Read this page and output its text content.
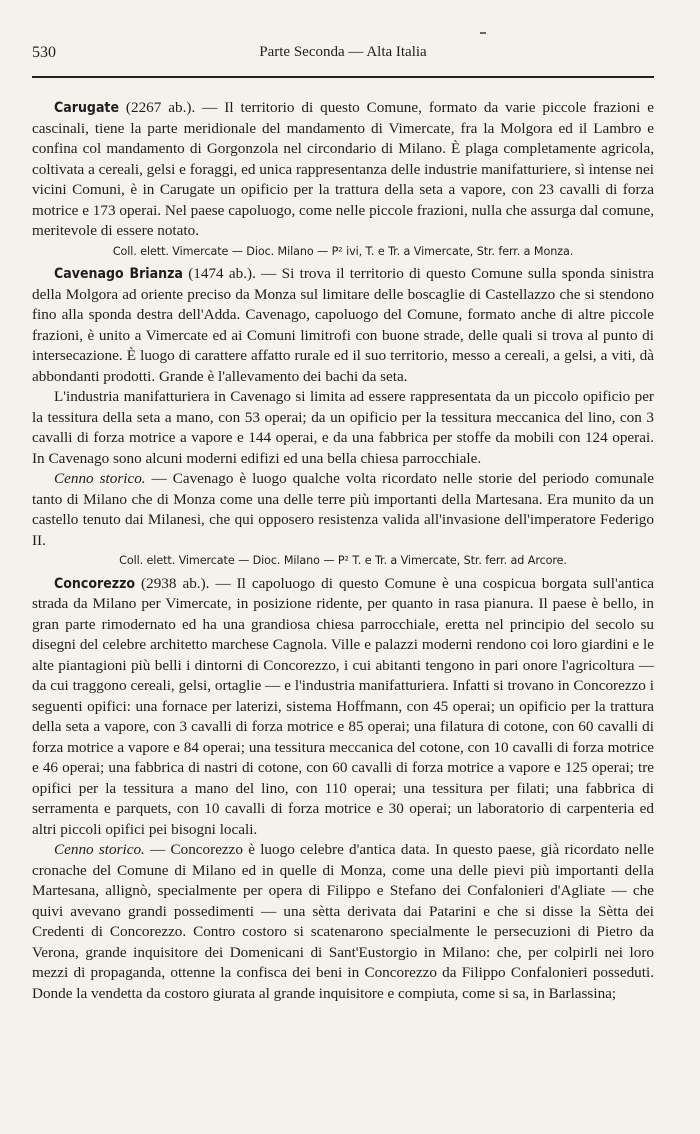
530	Parte Seconda — Alta Italia

Carugate (2267 ab.). — Il territorio di questo Comune, formato da varie piccole frazioni e cascinali, tiene la parte meridionale del mandamento di Vimercate, fra la Molgora ed il Lambro e confina col mandamento di Gorgonzola nel circondario di Milano. È plaga completamente agricola, coltivata a cereali, gelsi e foraggi, ed unica rappresentanza delle industrie manifatturiere, sì intense nei vicini Comuni, è in Carugate un opificio per la trattura della seta a vapore, con 23 cavalli di forza motrice e 173 operai. Nel paese capoluogo, come nelle piccole frazioni, nulla che assurga dal comune, meritevole di essere notato.

Coll. elett. Vimercate — Dioc. Milano — P² ivi, T. e Tr. a Vimercate, Str. ferr. a Monza.

Cavenago Brianza (1474 ab.). — Si trova il territorio di questo Comune sulla sponda sinistra della Molgora ad oriente preciso da Monza sul limitare delle boscaglie di Castellazzo che si stendono fino alla sponda destra dell'Adda. Cavenago, capoluogo del Comune, formato anche di altre piccole frazioni, è unito a Vimercate ed ai Comuni limitrofi con buone strade, delle quali si trova al punto di intersecazione. È luogo di carattere affatto rurale ed il suo territorio, messo a cereali, a gelsi, a viti, dà abbondanti prodotti. Grande è l'allevamento dei bachi da seta.

L'industria manifatturiera in Cavenago si limita ad essere rappresentata da un piccolo opificio per la tessitura della seta a mano, con 53 operai; da un opificio per la tessitura meccanica del lino, con 3 cavalli di forza motrice a vapore e 144 operai, e da una fabbrica per stoffe da mobili con 124 operai. In Cavenago sono alcuni moderni edifizi ed una bella chiesa parrocchiale.

Cenno storico. — Cavenago è luogo qualche volta ricordato nelle storie del periodo comunale tanto di Milano che di Monza come una delle terre più importanti della Martesana. Era munito da un castello tenuto dai Milanesi, che qui opposero resistenza valida all'invasione dell'imperatore Federigo II.

Coll. elett. Vimercate — Dioc. Milano — P² T. e Tr. a Vimercate, Str. ferr. ad Arcore.

Concorezzo (2938 ab.). — Il capoluogo di questo Comune è una cospicua borgata sull'antica strada da Milano per Vimercate, in posizione ridente, per quanto in rasa pianura. Il paese è bello, in gran parte rimodernato ed ha una grandiosa chiesa parrocchiale, eretta nel principio del secolo su disegni del celebre architetto marchese Cagnola. Ville e palazzi moderni rendono coi loro giardini e le alte piantagioni più belli i dintorni di Concorezzo, i cui abitanti tengono in pari onore l'agricoltura — da cui traggono cereali, gelsi, ortaglie — e l'industria manifatturiera. Infatti si trovano in Concorezzo i seguenti opifici: una fornace per laterizi, sistema Hoffmann, con 45 operai; un opificio per la trattura della seta a vapore, con 3 cavalli di forza motrice e 85 operai; una filatura di cotone, con 60 cavalli di forza motrice a vapore e 84 operai; una tessitura meccanica del cotone, con 10 cavalli di forza motrice e 46 operai; una fabbrica di nastri di cotone, con 60 cavalli di forza motrice a vapore e 125 operai; tre opifici per la tessitura a mano del lino, con 110 operai; una tessitura per filati; una fabbrica di serramenta e parquets, con 10 cavalli di forza motrice e 30 operai; un laboratorio di carpenteria ed altri piccoli opifici pei bisogni locali.

Cenno storico. — Concorezzo è luogo celebre d'antica data. In questo paese, già ricordato nelle cronache del Comune di Milano ed in quelle di Monza, come una delle pievi più importanti della Martesana, allignò, specialmente per opera di Filippo e Stefano dei Confalonieri d'Agliate — che quivi avevano grandi possedimenti — una sètta derivata dai Patarini e che si disse la Sètta dei Credenti di Concorezzo. Contro costoro si scatenarono specialmente le persecuzioni di Pietro da Verona, grande inquisitore dei Domenicani di Sant'Eustorgio in Milano: che, per colpirli nei loro mezzi di propaganda, ottenne la confisca dei beni in Concorezzo da Filippo Confalonieri posseduti. Donde la vendetta da costoro giurata al grande inquisitore e compiuta, come si sa, in Barlassina;
